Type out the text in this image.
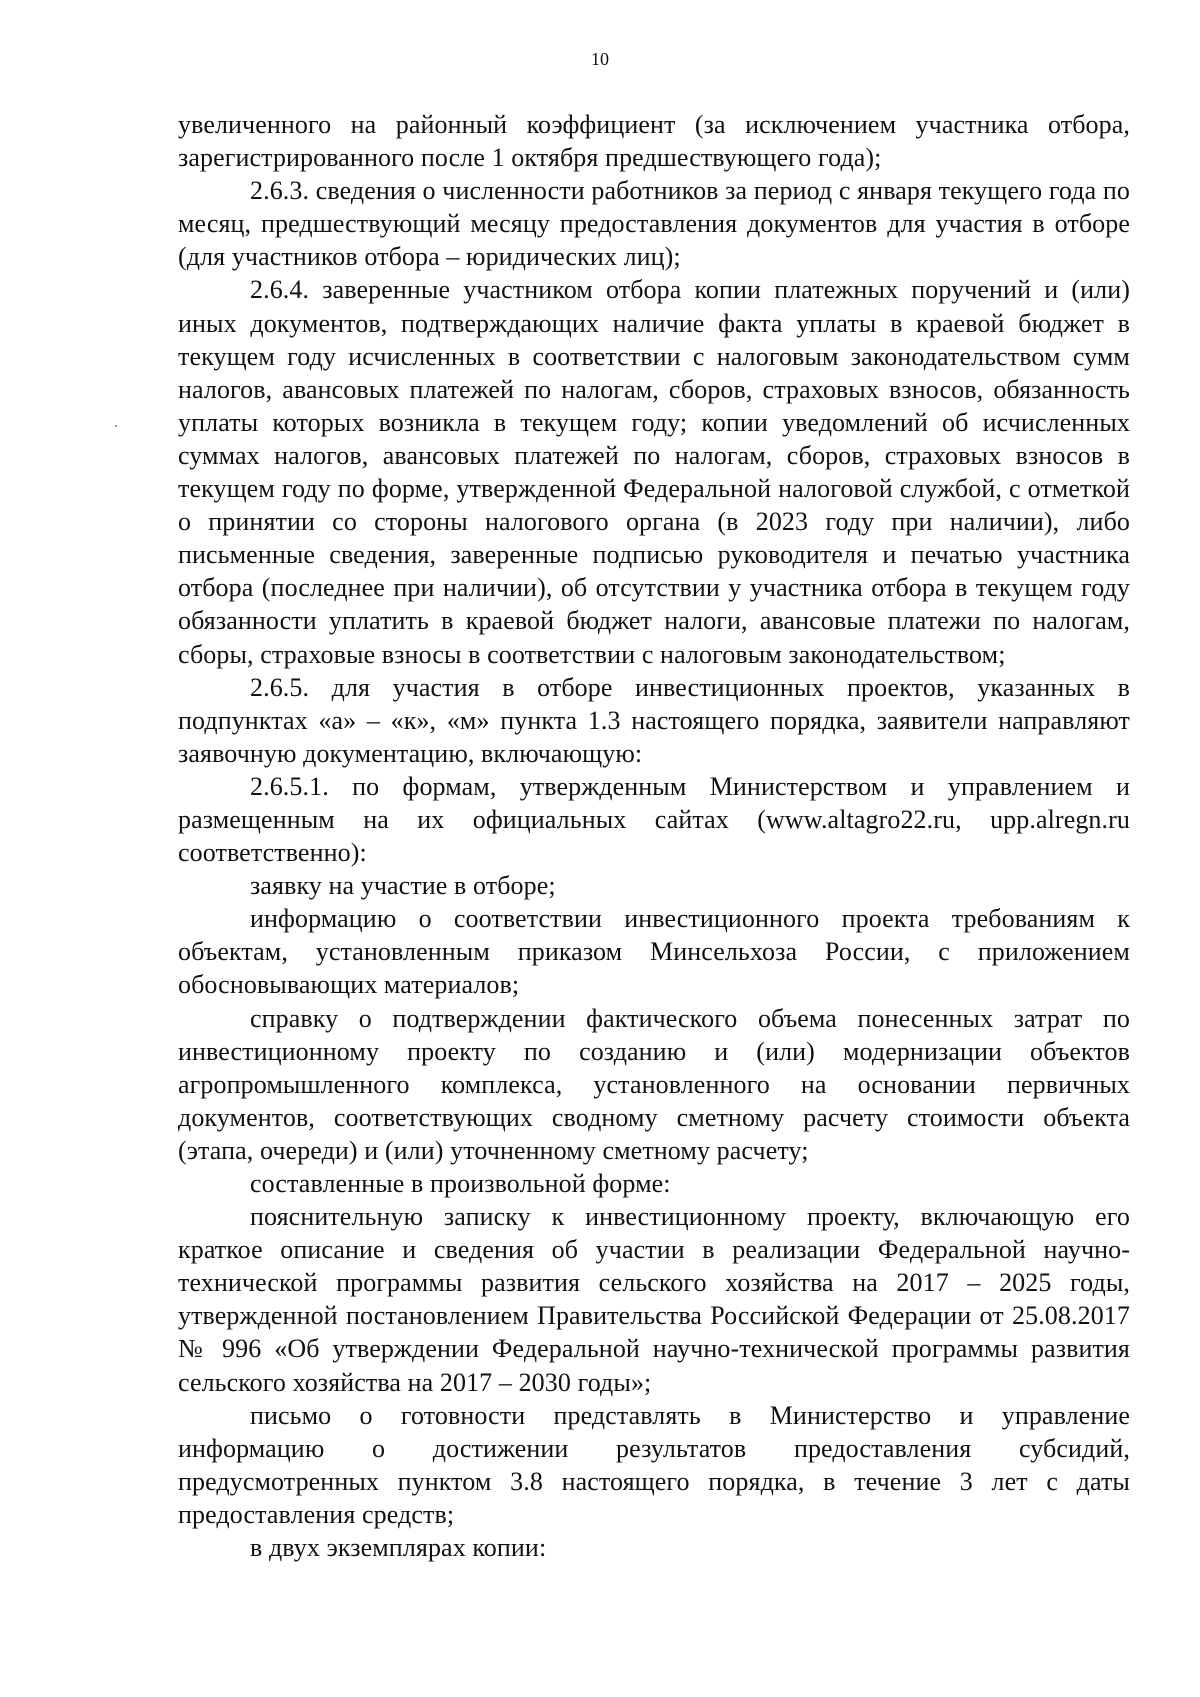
10

увеличенного на районный коэффициент (за исключением участника отбора, зарегистрированного после 1 октября предшествующего года);

2.6.3. сведения о численности работников за период с января текущего года по месяц, предшествующий месяцу предоставления документов для участия в отборе (для участников отбора – юридических лиц);

2.6.4. заверенные участником отбора копии платежных поручений и (или) иных документов, подтверждающих наличие факта уплаты в краевой бюджет в текущем году исчисленных в соответствии с налоговым законодательством сумм налогов, авансовых платежей по налогам, сборов, страховых взносов, обязанность уплаты которых возникла в текущем году; копии уведомлений об исчисленных суммах налогов, авансовых платежей по налогам, сборов, страховых взносов в текущем году по форме, утвержденной Федеральной налоговой службой, с отметкой о принятии со стороны налогового органа (в 2023 году при наличии), либо письменные сведения, заверенные подписью руководителя и печатью участника отбора (последнее при наличии), об отсутствии у участника отбора в текущем году обязанности уплатить в краевой бюджет налоги, авансовые платежи по налогам, сборы, страховые взносы в соответствии с налоговым законодательством;

2.6.5. для участия в отборе инвестиционных проектов, указанных в подпунктах «а» – «к», «м» пункта 1.3 настоящего порядка, заявители направляют заявочную документацию, включающую:

2.6.5.1. по формам, утвержденным Министерством и управлением и размещенным на их официальных сайтах (www.altagro22.ru, upp.alregn.ru соответственно):

заявку на участие в отборе;

информацию о соответствии инвестиционного проекта требованиям к объектам, установленным приказом Минсельхоза России, с приложением обосновывающих материалов;

справку о подтверждении фактического объема понесенных затрат по инвестиционному проекту по созданию и (или) модернизации объектов агропромышленного комплекса, установленного на основании первичных документов, соответствующих сводному сметному расчету стоимости объекта (этапа, очереди) и (или) уточненному сметному расчету;

составленные в произвольной форме:

пояснительную записку к инвестиционному проекту, включающую его краткое описание и сведения об участии в реализации Федеральной научно-технической программы развития сельского хозяйства на 2017 – 2025 годы, утвержденной постановлением Правительства Российской Федерации от 25.08.2017 № 996 «Об утверждении Федеральной научно-технической программы развития сельского хозяйства на 2017 – 2030 годы»;

письмо о готовности представлять в Министерство и управление информацию о достижении результатов предоставления субсидий, предусмотренных пунктом 3.8 настоящего порядка, в течение 3 лет с даты предоставления средств;

в двух экземплярах копии:
